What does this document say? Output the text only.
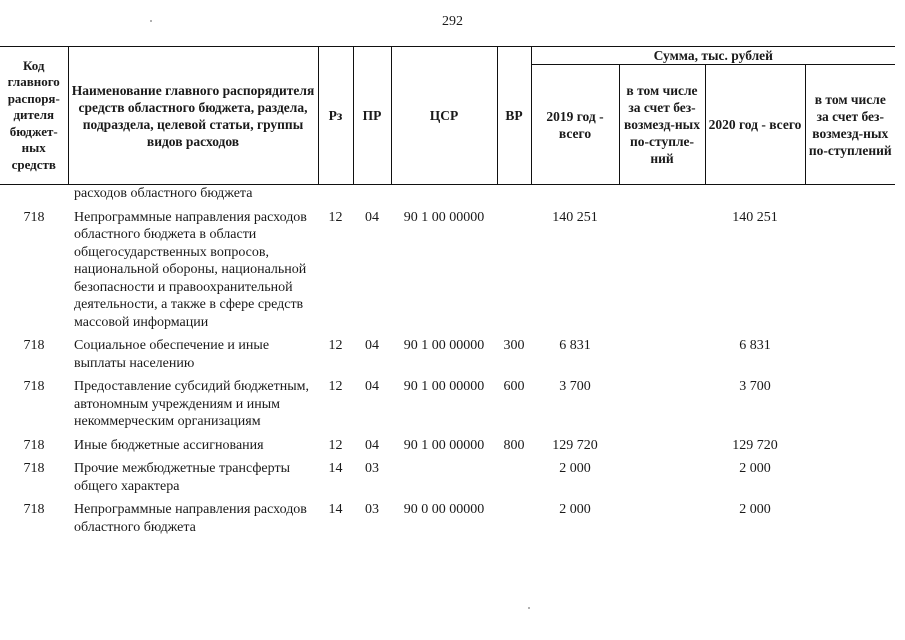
292
Код главного распоря-дителя бюджет-ных средств	Наименование главного распорядителя средств областного бюджета, раздела, подраздела, целевой статьи, группы видов расходов	Рз	ПР	ЦСР	ВР	Сумма, тыс. рублей			
						2019 год - всего	в том числе за счет без-возмезд-ных по-ступле-ний	2020 год - всего	в том числе за счет без-возмезд-ных по-ступлений
	расходов областного бюджета								
718	Непрограммные направления расходов областного бюджета в области общегосударственных вопросов, национальной обороны, национальной безопасности и правоохранительной деятельности, а также в сфере средств массовой информации	12	04	90 1 00 00000		140 251		140 251	
718	Социальное обеспечение и иные выплаты населению	12	04	90 1 00 00000	300	6 831		6 831	
718	Предоставление субсидий бюджетным, автономным учреждениям и иным некоммерческим организациям	12	04	90 1 00 00000	600	3 700		3 700	
718	Иные бюджетные ассигнования	12	04	90 1 00 00000	800	129 720		129 720	
718	Прочие межбюджетные трансферты общего характера	14	03			2 000		2 000	
718	Непрограммные направления расходов областного бюджета	14	03	90 0 00 00000		2 000		2 000	
